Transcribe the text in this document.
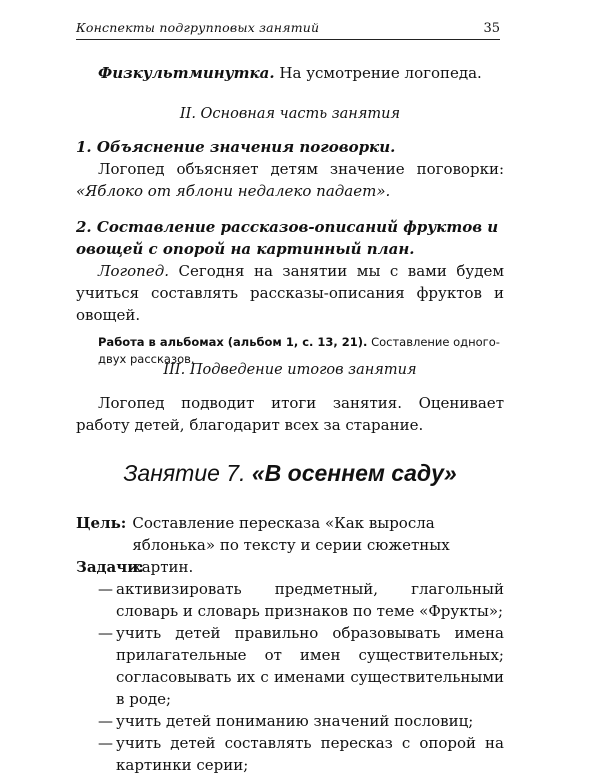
Конспекты подгрупповых занятий	35

Физкультминутка. На усмотрение логопеда.

II. Основная часть занятия

1. Объяснение значения поговорки.

Логопед объясняет детям значение поговорки: «Яблоко от яблони недалеко падает».

2. Составление рассказов-описаний фруктов и овощей с опорой на картинный план.

Логопед. Сегодня на занятии мы с вами будем учиться составлять рассказы-описания фруктов и овощей.

Работа в альбомах (альбом 1, с. 13, 21). Составление одного-двух рассказов.

III. Подведение итогов занятия

Логопед подводит итоги занятия. Оценивает работу детей, благодарит всех за старание.

Занятие 7. «В осеннем саду»
Цель: Составление пересказа «Как выросла яблонька» по тексту и серии сюжетных картин.

Задачи:

— активизировать предметный, глагольный словарь и словарь признаков по теме «Фрукты»;
— учить детей правильно образовывать имена прилагательные от имен существительных; согласовывать их с именами существительными в роде;
— учить детей пониманию значений пословиц;
— учить детей составлять пересказ с опорой на картинки серии;
